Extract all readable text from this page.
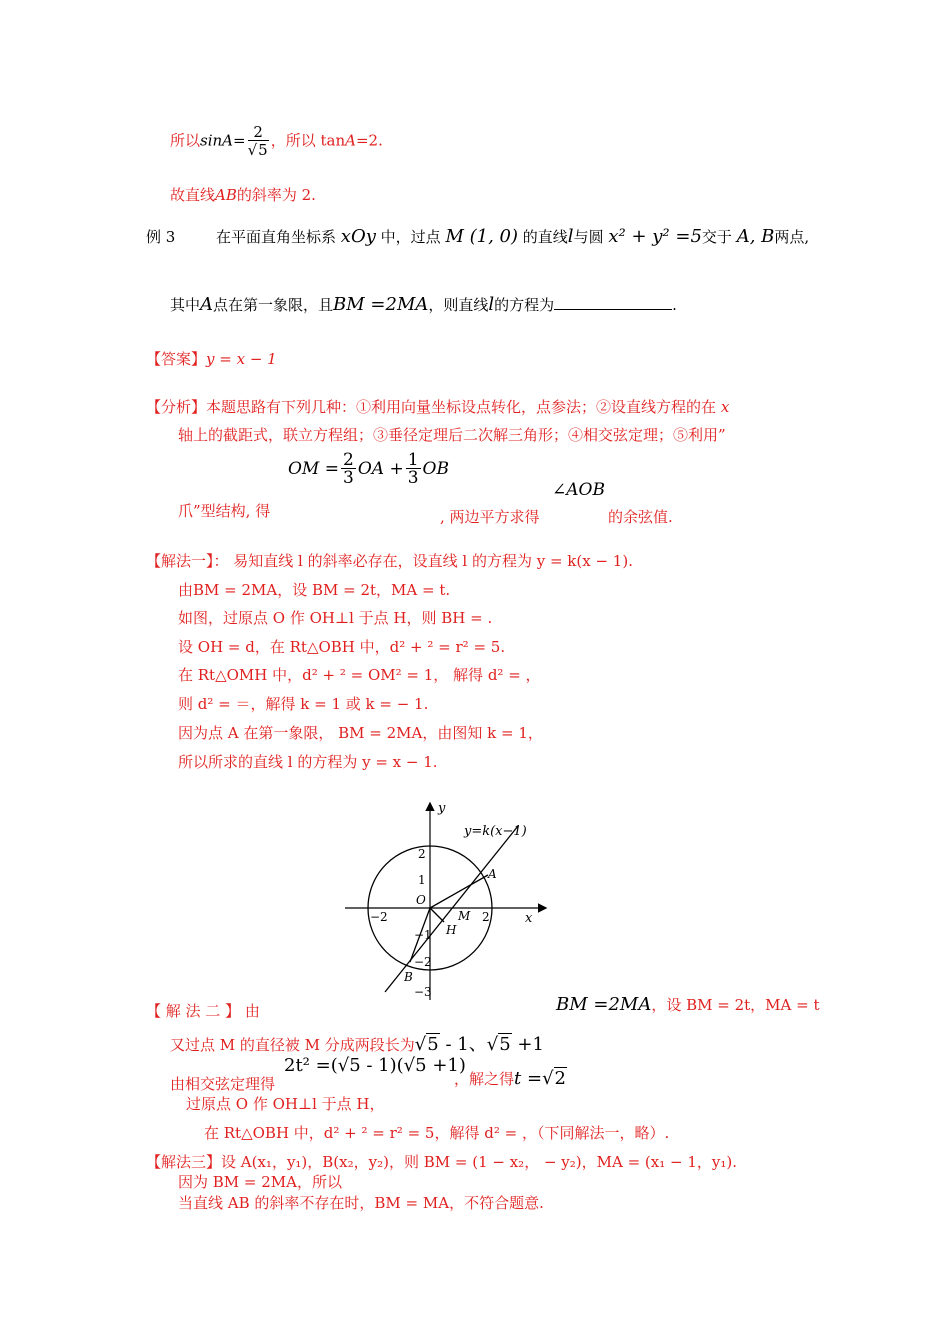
所以$\sin A= \frac{2}{√5}$ ，所以 tanA=2.
故直线AB的斜率为 2.
例 3	在平面直角坐标系 xOy 中，过点 M (1, 0) 的直线l与圆 x² + y² =5交于 A, B两点,
其中A点在第一象限，且BM =2MA，则直线l的方程为	.
【答案】y = x − 1
【分析】本题思路有下列几种：①利用向量坐标设点转化，点参法；②设直线方程的在 x
轴上的截距式，联立方程组；③垂径定理后二次解三角形；④相交弦定理；⑤利用”
OM = $\frac{2}{3}$ OA + $\frac{1}{3}$ OB
爪”型结构, 得
∠AOB
, 两边平方求得	的余弦值.
【解法一】： 易知直线 l 的斜率必存在，设直线 l 的方程为 y = k(x − 1).
由BM = 2MA，设 BM = 2t，MA = t.
如图，过原点 O 作 OH⊥l 于点 H，则 BH = .
设 OH = d，在 Rt△OBH 中，d² + ² = r² = 5.
在 Rt△OMH 中，d² + ² = OM² = 1， 解得 d² = ，
则 d² = ＝，解得 k = 1 或 k = − 1.
因为点 A 在第一象限， BM = 2MA，由图知 k = 1，
所以所求的直线 l 的方程为 y = x − 1.
y
x
y=k(x−1)
2
1
−1
−2
−3
−2	2
O
A
B
M
H
【 解 法 二 】 由	BM =2MA，设 BM = 2t，MA = t
又过点 M 的直径被 M 分成两段长为√5 - 1、√5 +1
2t² =(√5 - 1)(√5 +1)
由相交弦定理得	，解之得t =√2
过原点 O 作 OH⊥l 于点 H，
在 Rt△OBH 中，d² + ² = r² = 5，解得 d² = ，（下同解法一，略）.
【解法三】设 A(x₁，y₁)，B(x₂，y₂)，则 BM = (1 − x₂， − y₂)，MA = (x₁ − 1，y₁).
因为 BM = 2MA，所以
当直线 AB 的斜率不存在时，BM = MA，不符合题意.
